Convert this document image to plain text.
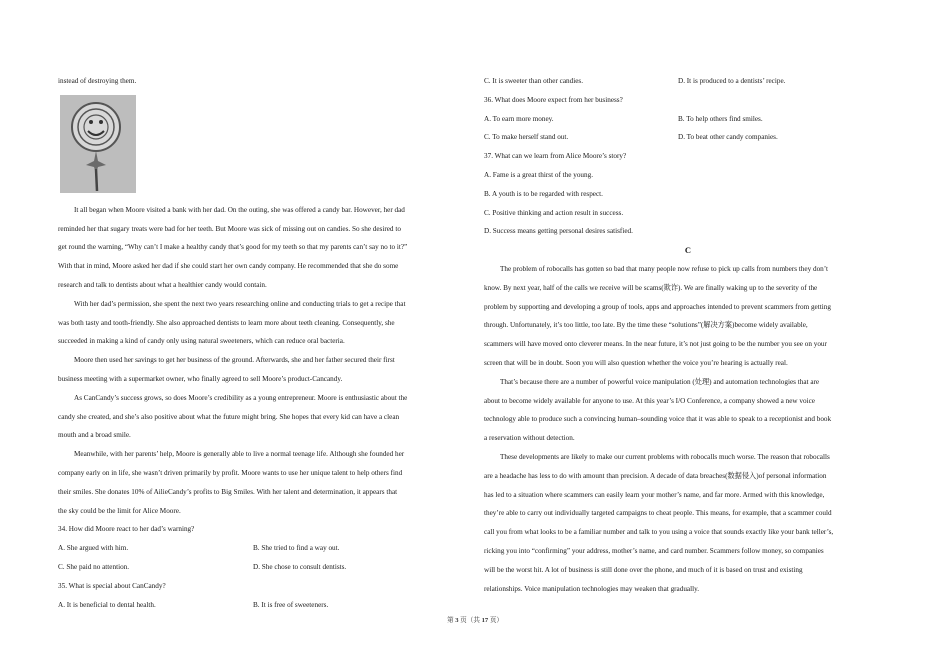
instead of destroying them.
It all began when Moore visited a bank with her dad. On the outing, she was offered a candy bar. However, her dad
reminded her that sugary treats were bad for her teeth. But Moore was sick of missing out on candies. So she desired to
get round the warning, “Why can’t I make a healthy candy that’s good for my teeth so that my parents can’t say no to it?”
With that in mind, Moore asked her dad if she could start her own candy company. He recommended that she do some
research and talk to dentists about what a healthier candy would contain.
With her dad’s permission, she spent the next two years researching online and conducting trials to get a recipe that
was both tasty and tooth-friendly. She also approached dentists to learn more about teeth cleaning. Consequently, she
succeeded in making a kind of candy only using natural sweeteners, which can reduce oral bacteria.
Moore then used her savings to get her business of the ground. Afterwards, she and her father secured their first
business meeting with a supermarket owner, who finally agreed to sell Moore’s product-Cancandy.
As CanCandy’s success grows, so does Moore’s credibility as a young entrepreneur. Moore is enthusiastic about the
candy she created, and she’s also positive about what the future might bring. She hopes that every kid can have a clean
mouth and a broad smile.
Meanwhile, with her parents’ help, Moore is generally able to live a normal teenage life. Although she founded her
company early on in life, she wasn’t driven primarily by profit. Moore wants to use her unique talent to help others find
their smiles. She donates 10% of AilieCandy’s profits to Big Smiles. With her talent and determination, it appears that
the sky could be the limit for Alice Moore.
34. How did Moore react to her dad’s warning?
A. She argued with him.	B. She tried to find a way out.
C. She paid no attention.	D. She chose to consult dentists.
35. What is special about CanCandy?
A. It is beneficial to dental health.	B. It is free of sweeteners.
C. It is sweeter than other candies.	D. It is produced to a dentists’ recipe.
36. What does Moore expect from her business?
A. To earn more money.	B. To help others find smiles.
C. To make herself stand out.	D. To beat other candy companies.
37. What can we learn from Alice Moore’s story?
A. Fame is a great thirst of the young.
B. A youth is to be regarded with respect.
C. Positive thinking and action result in success.
D. Success means getting personal desires satisfied.
C
The problem of robocalls has gotten so bad that many people now refuse to pick up calls from numbers they don’t
know. By next year, half of the calls we receive will be scams(欺诈). We are finally waking up to the severity of the
problem by supporting and developing a group of tools, apps and approaches intended to prevent scammers from getting
through. Unfortunately, it’s too little, too late. By the time these “solutions”(解决方案)become widely available,
scammers will have moved onto cleverer means. In the near future, it’s not just going to be the number you see on your
screen that will be in doubt. Soon you will also question whether the voice you’re hearing is actually real.
That’s because there are a number of powerful voice manipulation (处理) and automation technologies that are
about to become widely available for anyone to use. At this year’s I/O Conference, a company showed a new voice
technology able to produce such a convincing human–sounding voice that it was able to speak to a receptionist and book
a reservation without detection.
These developments are likely to make our current problems with robocalls much worse. The reason that robocalls
are a headache has less to do with amount than precision. A decade of data breaches(数据侵入)of personal information
has led to a situation where scammers can easily learn your mother’s name, and far more. Armed with this knowledge,
they’re able to carry out individually targeted campaigns to cheat people. This means, for example, that a scammer could
call you from what looks to be a familiar number and talk to you using a voice that sounds exactly like your bank teller’s,
ricking you into “confirming” your address, mother’s name, and card number. Scammers follow money, so companies
will be the worst hit. A lot of business is still done over the phone, and much of it is based on trust and existing
relationships. Voice manipulation technologies may weaken that gradually.
第 3 页（共 17 页）
